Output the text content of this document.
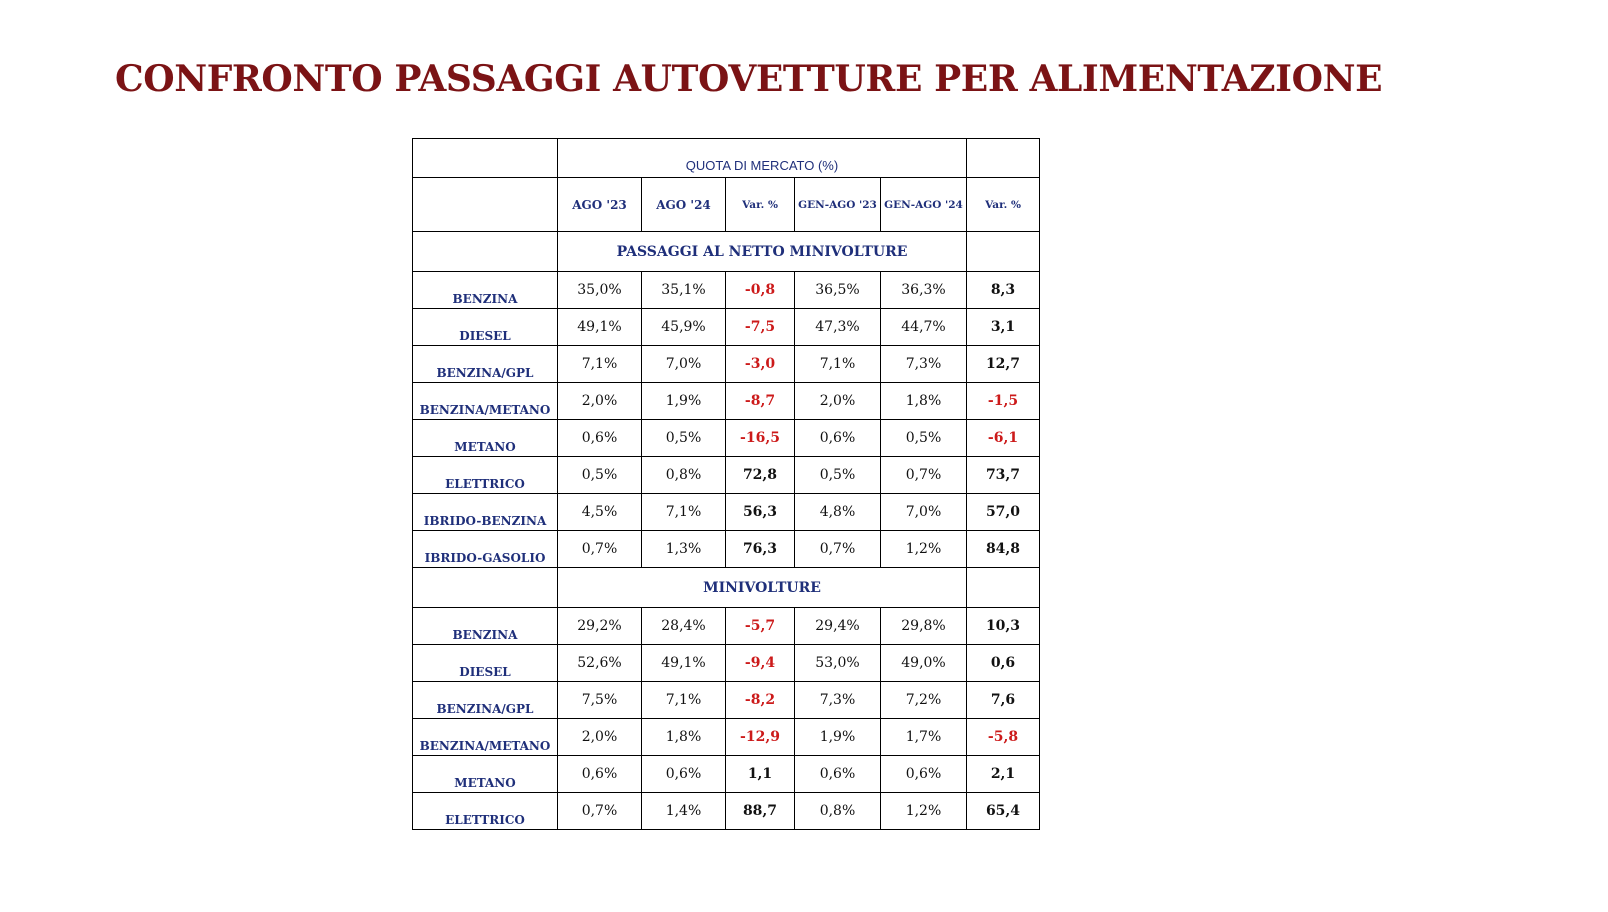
CONFRONTO PASSAGGI AUTOVETTURE PER ALIMENTAZIONE
	QUOTA DI MERCATO (%)					
	AGO '23	AGO '24	Var. %	GEN-AGO '23	GEN-AGO '24	Var. %
	PASSAGGI AL NETTO MINIVOLTURE					
BENZINA	35,0%	35,1%	-0,8	36,5%	36,3%	8,3
DIESEL	49,1%	45,9%	-7,5	47,3%	44,7%	3,1
BENZINA/GPL	7,1%	7,0%	-3,0	7,1%	7,3%	12,7
BENZINA/METANO	2,0%	1,9%	-8,7	2,0%	1,8%	-1,5
METANO	0,6%	0,5%	-16,5	0,6%	0,5%	-6,1
ELETTRICO	0,5%	0,8%	72,8	0,5%	0,7%	73,7
IBRIDO-BENZINA	4,5%	7,1%	56,3	4,8%	7,0%	57,0
IBRIDO-GASOLIO	0,7%	1,3%	76,3	0,7%	1,2%	84,8
	MINIVOLTURE					
BENZINA	29,2%	28,4%	-5,7	29,4%	29,8%	10,3
DIESEL	52,6%	49,1%	-9,4	53,0%	49,0%	0,6
BENZINA/GPL	7,5%	7,1%	-8,2	7,3%	7,2%	7,6
BENZINA/METANO	2,0%	1,8%	-12,9	1,9%	1,7%	-5,8
METANO	0,6%	0,6%	1,1	0,6%	0,6%	2,1
ELETTRICO	0,7%	1,4%	88,7	0,8%	1,2%	65,4
